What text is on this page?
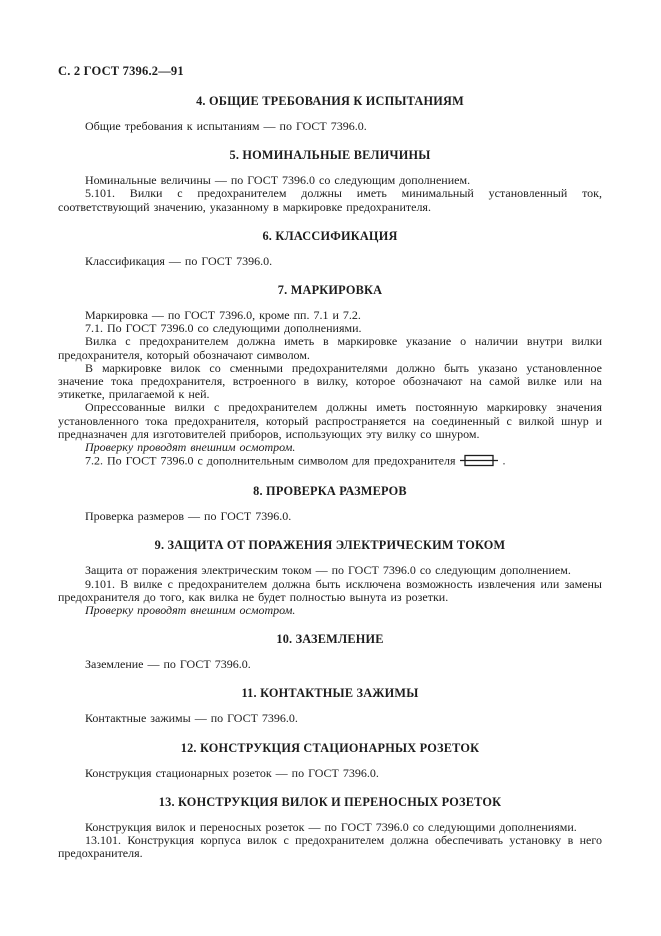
С. 2 ГОСТ 7396.2—91

4. ОБЩИЕ ТРЕБОВАНИЯ К ИСПЫТАНИЯМ

Общие требования к испытаниям — по ГОСТ 7396.0.

5. НОМИНАЛЬНЫЕ ВЕЛИЧИНЫ

Номинальные величины — по ГОСТ 7396.0 со следующим дополнением.

5.101. Вилки с предохранителем должны иметь минимальный установленный ток, соответствующий значению, указанному в маркировке предохранителя.

6. КЛАССИФИКАЦИЯ

Классификация — по ГОСТ 7396.0.

7. МАРКИРОВКА

Маркировка — по ГОСТ 7396.0, кроме пп. 7.1 и 7.2.

7.1. По ГОСТ 7396.0 со следующими дополнениями.

Вилка с предохранителем должна иметь в маркировке указание о наличии внутри вилки предохранителя, который обозначают символом.

В маркировке вилок со сменными предохранителями должно быть указано установленное значение тока предохранителя, встроенного в вилку, которое обозначают на самой вилке или на этикетке, прилагаемой к ней.

Опрессованные вилки с предохранителем должны иметь постоянную маркировку значения установленного тока предохранителя, который распространяется на соединенный с вилкой шнур и предназначен для изготовителей приборов, использующих эту вилку со шнуром.

Проверку проводят внешним осмотром.

7.2. По ГОСТ 7396.0 с дополнительным символом для предохранителя	.

8. ПРОВЕРКА РАЗМЕРОВ

Проверка размеров — по ГОСТ 7396.0.

9. ЗАЩИТА ОТ ПОРАЖЕНИЯ ЭЛЕКТРИЧЕСКИМ ТОКОМ

Защита от поражения электрическим током — по ГОСТ 7396.0 со следующим дополнением.

9.101. В вилке с предохранителем должна быть исключена возможность извлечения или замены предохранителя до того, как вилка не будет полностью вынута из розетки.

Проверку проводят внешним осмотром.

10. ЗАЗЕМЛЕНИЕ

Заземление — по ГОСТ 7396.0.

11. КОНТАКТНЫЕ ЗАЖИМЫ

Контактные зажимы — по ГОСТ 7396.0.

12. КОНСТРУКЦИЯ СТАЦИОНАРНЫХ РОЗЕТОК

Конструкция стационарных розеток — по ГОСТ 7396.0.

13. КОНСТРУКЦИЯ ВИЛОК И ПЕРЕНОСНЫХ РОЗЕТОК

Конструкция вилок и переносных розеток — по ГОСТ 7396.0 со следующими дополнениями.

13.101. Конструкция корпуса вилок с предохранителем должна обеспечивать установку в него предохранителя.
